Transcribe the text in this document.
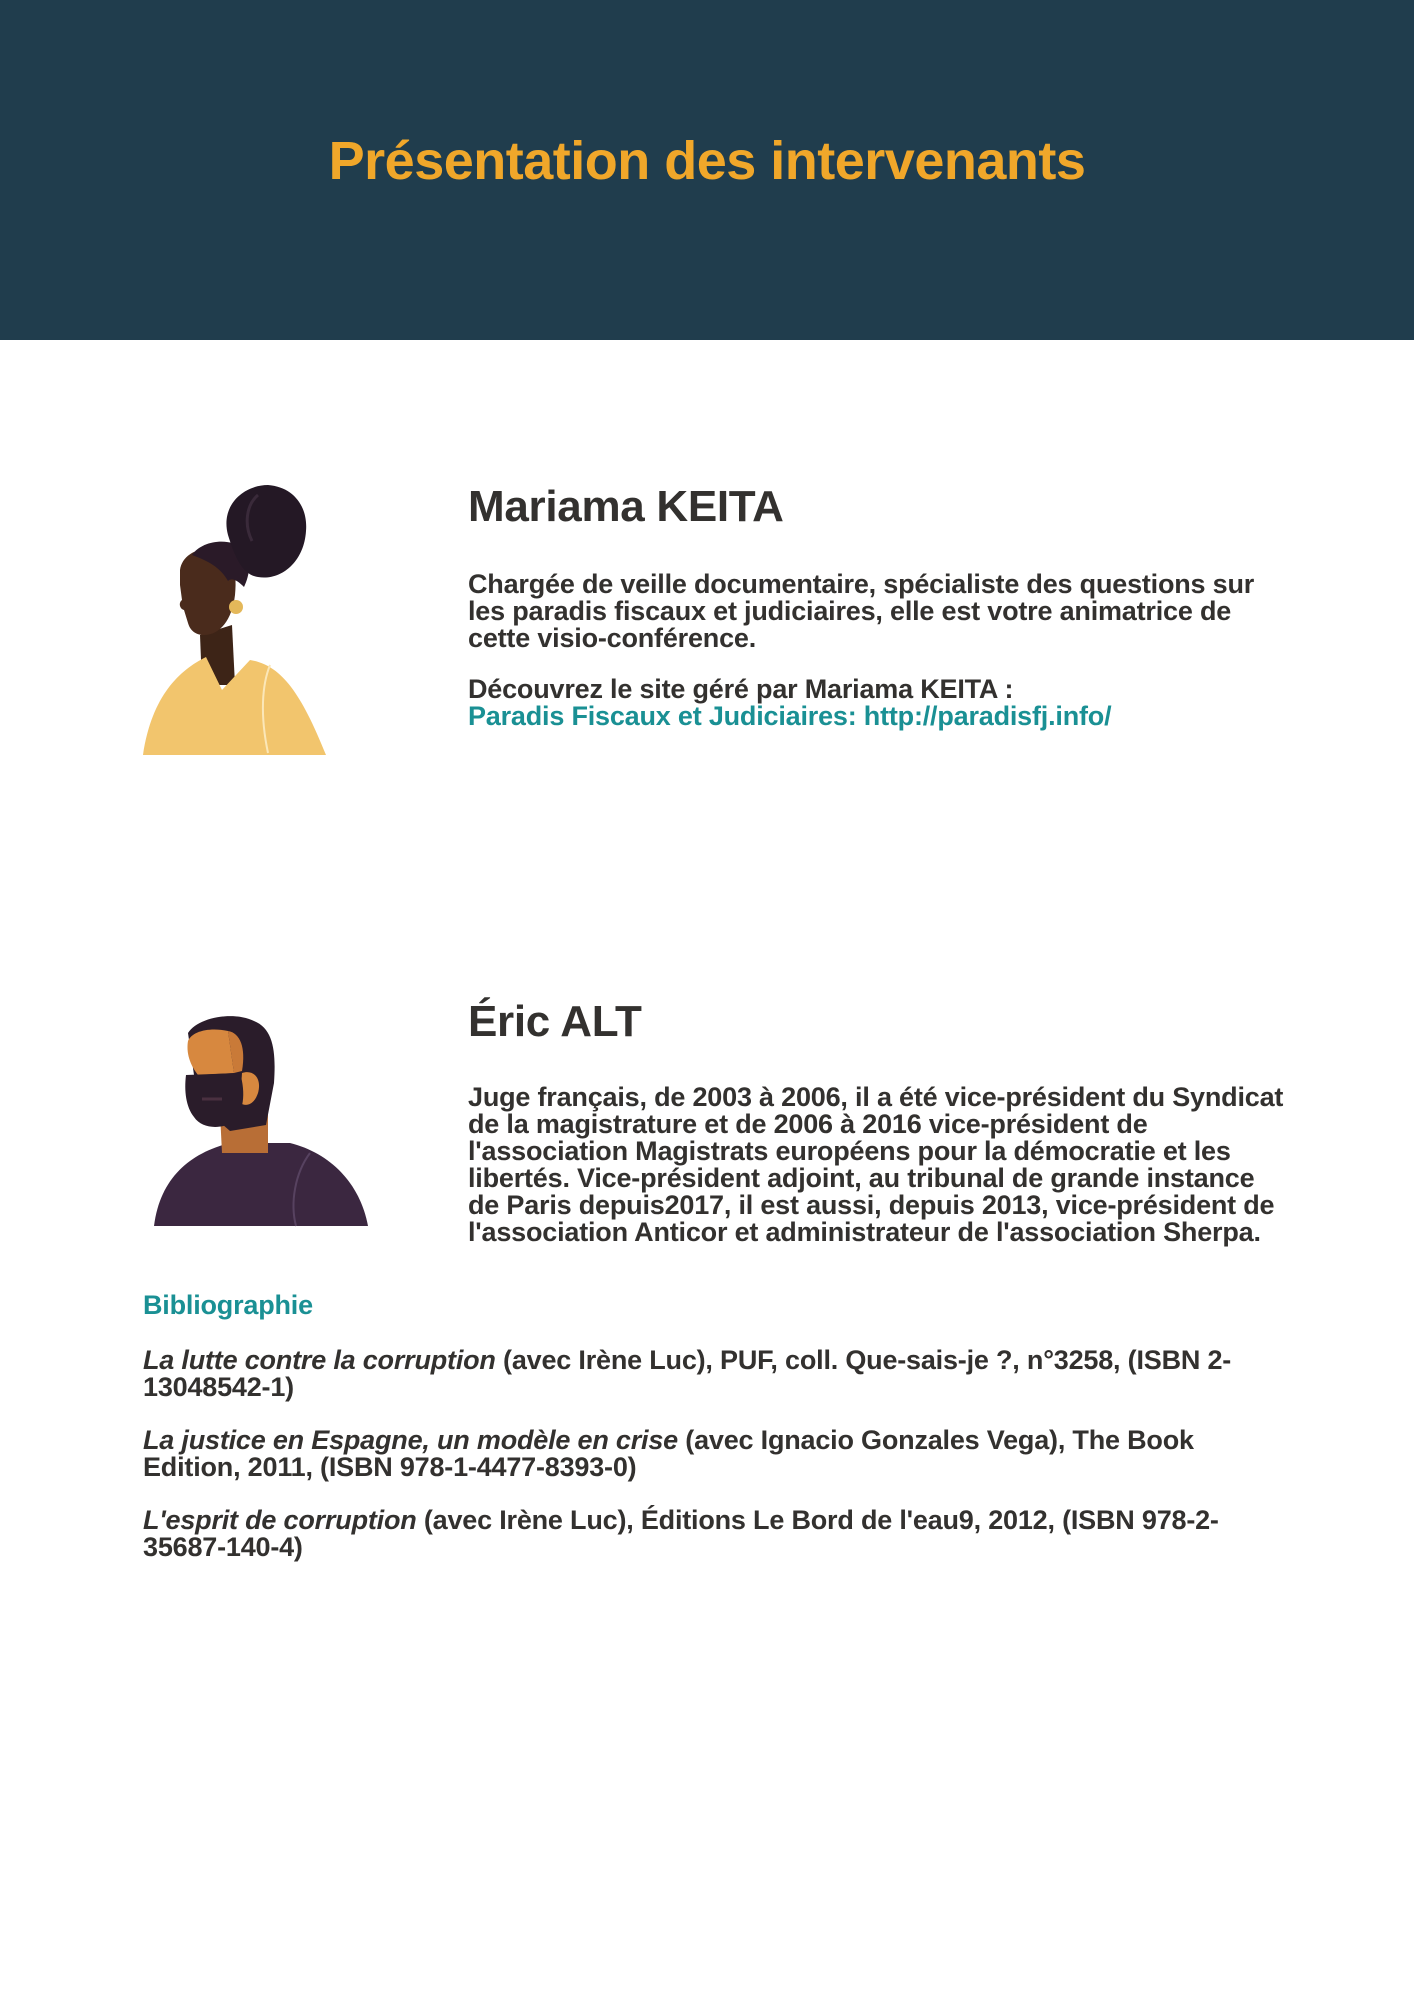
Présentation des intervenants
Mariama KEITA
Chargée de veille documentaire, spécialiste des questions sur les paradis fiscaux et judiciaires, elle est votre animatrice de cette visio-conférence.
Découvrez le site géré par Mariama KEITA :
Paradis Fiscaux et Judiciaires: http://paradisfj.info/
Éric ALT
Juge français, de 2003 à 2006, il a été vice-président du Syndicat de la magistrature et de 2006 à 2016 vice-président de l'association Magistrats européens pour la démocratie et les libertés. Vice-président adjoint, au tribunal de grande instance de Paris depuis2017, il est aussi, depuis 2013, vice-président de l'association Anticor et administrateur de l'association Sherpa.
Bibliographie
La lutte contre la corruption (avec Irène Luc), PUF, coll. Que-sais-je ?, n°3258, (ISBN 2-13048542-1)
La justice en Espagne, un modèle en crise (avec Ignacio Gonzales Vega), The Book Edition, 2011, (ISBN 978-1-4477-8393-0)
L'esprit de corruption (avec Irène Luc), Éditions Le Bord de l'eau9, 2012, (ISBN 978-2-35687-140-4)
